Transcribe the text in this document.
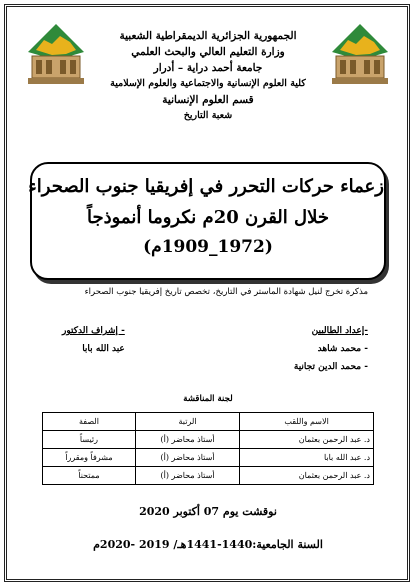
الجمهورية الجزائرية الديمقراطية الشعبية
وزارة التعليم العالي والبحث العلمي
جامعة أحمد دراية – أدرار
كلية العلوم الإنسانية والاجتماعية والعلوم الإسلامية
قسم العلوم الإنسانية
شعبة التاريخ
زعماء حركات التحرر في إفريقيا جنوب الصحراء
خلال القرن 20م نكروما أنموذجاً
(1972_1909م)
مذكرة تخرج لنيل شهادة الماستر في التاريخ، تخصص تاريخ إفريقيا جنوب الصحراء
-إعداد الطالبين
- محمد شاهد
- محمد الدين تجانية
- إشراف الدكتور
عبد الله بابا
لجنة المناقشة
الاسم واللقب	الرتبة	الصفة
د. عبد الرحمن بعثمان	أستاذ محاضر (أ)	رئيساً
د. عبد الله بابا	أستاذ محاضر (أ)	مشرفاً ومقرراً
د. عبد الرحمن بعثمان	أستاذ محاضر (أ)	ممتحناً
نوقشت يوم 07 أكتوبر 2020
السنة الجامعية:1440-1441هـ/ 2019 -2020م
